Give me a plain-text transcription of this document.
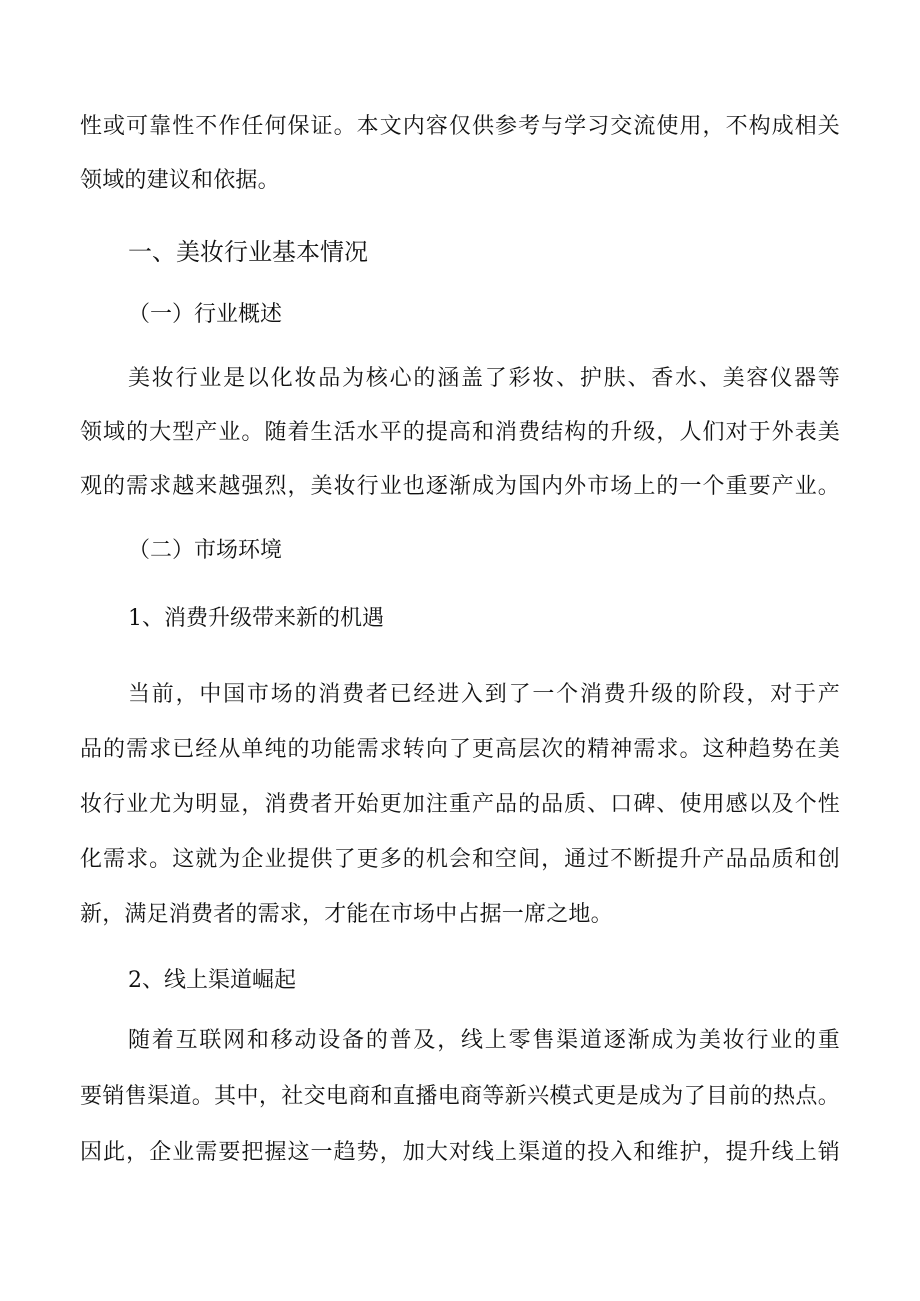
性或可靠性不作任何保证。本文内容仅供参考与学习交流使用，不构成相关
领域的建议和依据。
一、美妆行业基本情况
（一）行业概述
美妆行业是以化妆品为核心的涵盖了彩妆、护肤、香水、美容仪器等
领域的大型产业。随着生活水平的提高和消费结构的升级，人们对于外表美
观的需求越来越强烈，美妆行业也逐渐成为国内外市场上的一个重要产业。
（二）市场环境
1、消费升级带来新的机遇
当前，中国市场的消费者已经进入到了一个消费升级的阶段，对于产
品的需求已经从单纯的功能需求转向了更高层次的精神需求。这种趋势在美
妆行业尤为明显，消费者开始更加注重产品的品质、口碑、使用感以及个性
化需求。这就为企业提供了更多的机会和空间，通过不断提升产品品质和创
新，满足消费者的需求，才能在市场中占据一席之地。
2、线上渠道崛起
随着互联网和移动设备的普及，线上零售渠道逐渐成为美妆行业的重
要销售渠道。其中，社交电商和直播电商等新兴模式更是成为了目前的热点。
因此，企业需要把握这一趋势，加大对线上渠道的投入和维护，提升线上销
